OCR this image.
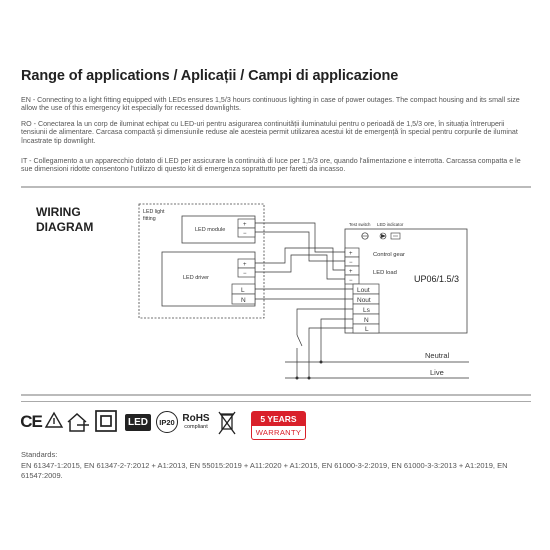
Range of applications / Aplicații / Campi di applicazione
EN - Connecting to a light fitting equipped with LEDs ensures 1,5/3 hours continuous lighting in case of power outages. The compact housing and its small size allow the use of this emergency kit especially for recessed downlights.
RO - Conectarea la un corp de iluminat echipat cu LED-uri pentru asigurarea continuității iluminatului pentru o perioadă de 1,5/3 ore, în situația întreruperii tensiunii de alimentare. Carcasa compactă și dimensiunile reduse ale acesteia permit utilizarea acestui kit de emergență în special pentru corpurile de iluminat încastrate tip downlight.
IT - Collegamento a un apparecchio dotato di LED per assicurare la continuità di luce per 1,5/3 ore, quando l'alimentazione e interrotta. Carcassa compatta e le sue dimensioni ridotte consentono l'utilizzo di questo kit di emergenza soprattutto per faretti da incasso.
WIRING
DIAGRAM
LED light
fitting
LED module
+
−
LED driver
+
−
L
N
Test switch LED indicator
+
−
Control gear
+
−
LED load
UP06/1.5/3
Lout
Nout
Ls
N
L
Neutral
Live
CE	LED	IP20 RoHS
compliant
5 YEARS
WARRANTY
Standards:
EN 61347-1:2015, EN 61347-2-7:2012 + A1:2013, EN 55015:2019 + A11:2020 + A1:2015, EN 61000-3-2:2019, EN 61000-3-3:2013 + A1:2019, EN 61547:2009.
